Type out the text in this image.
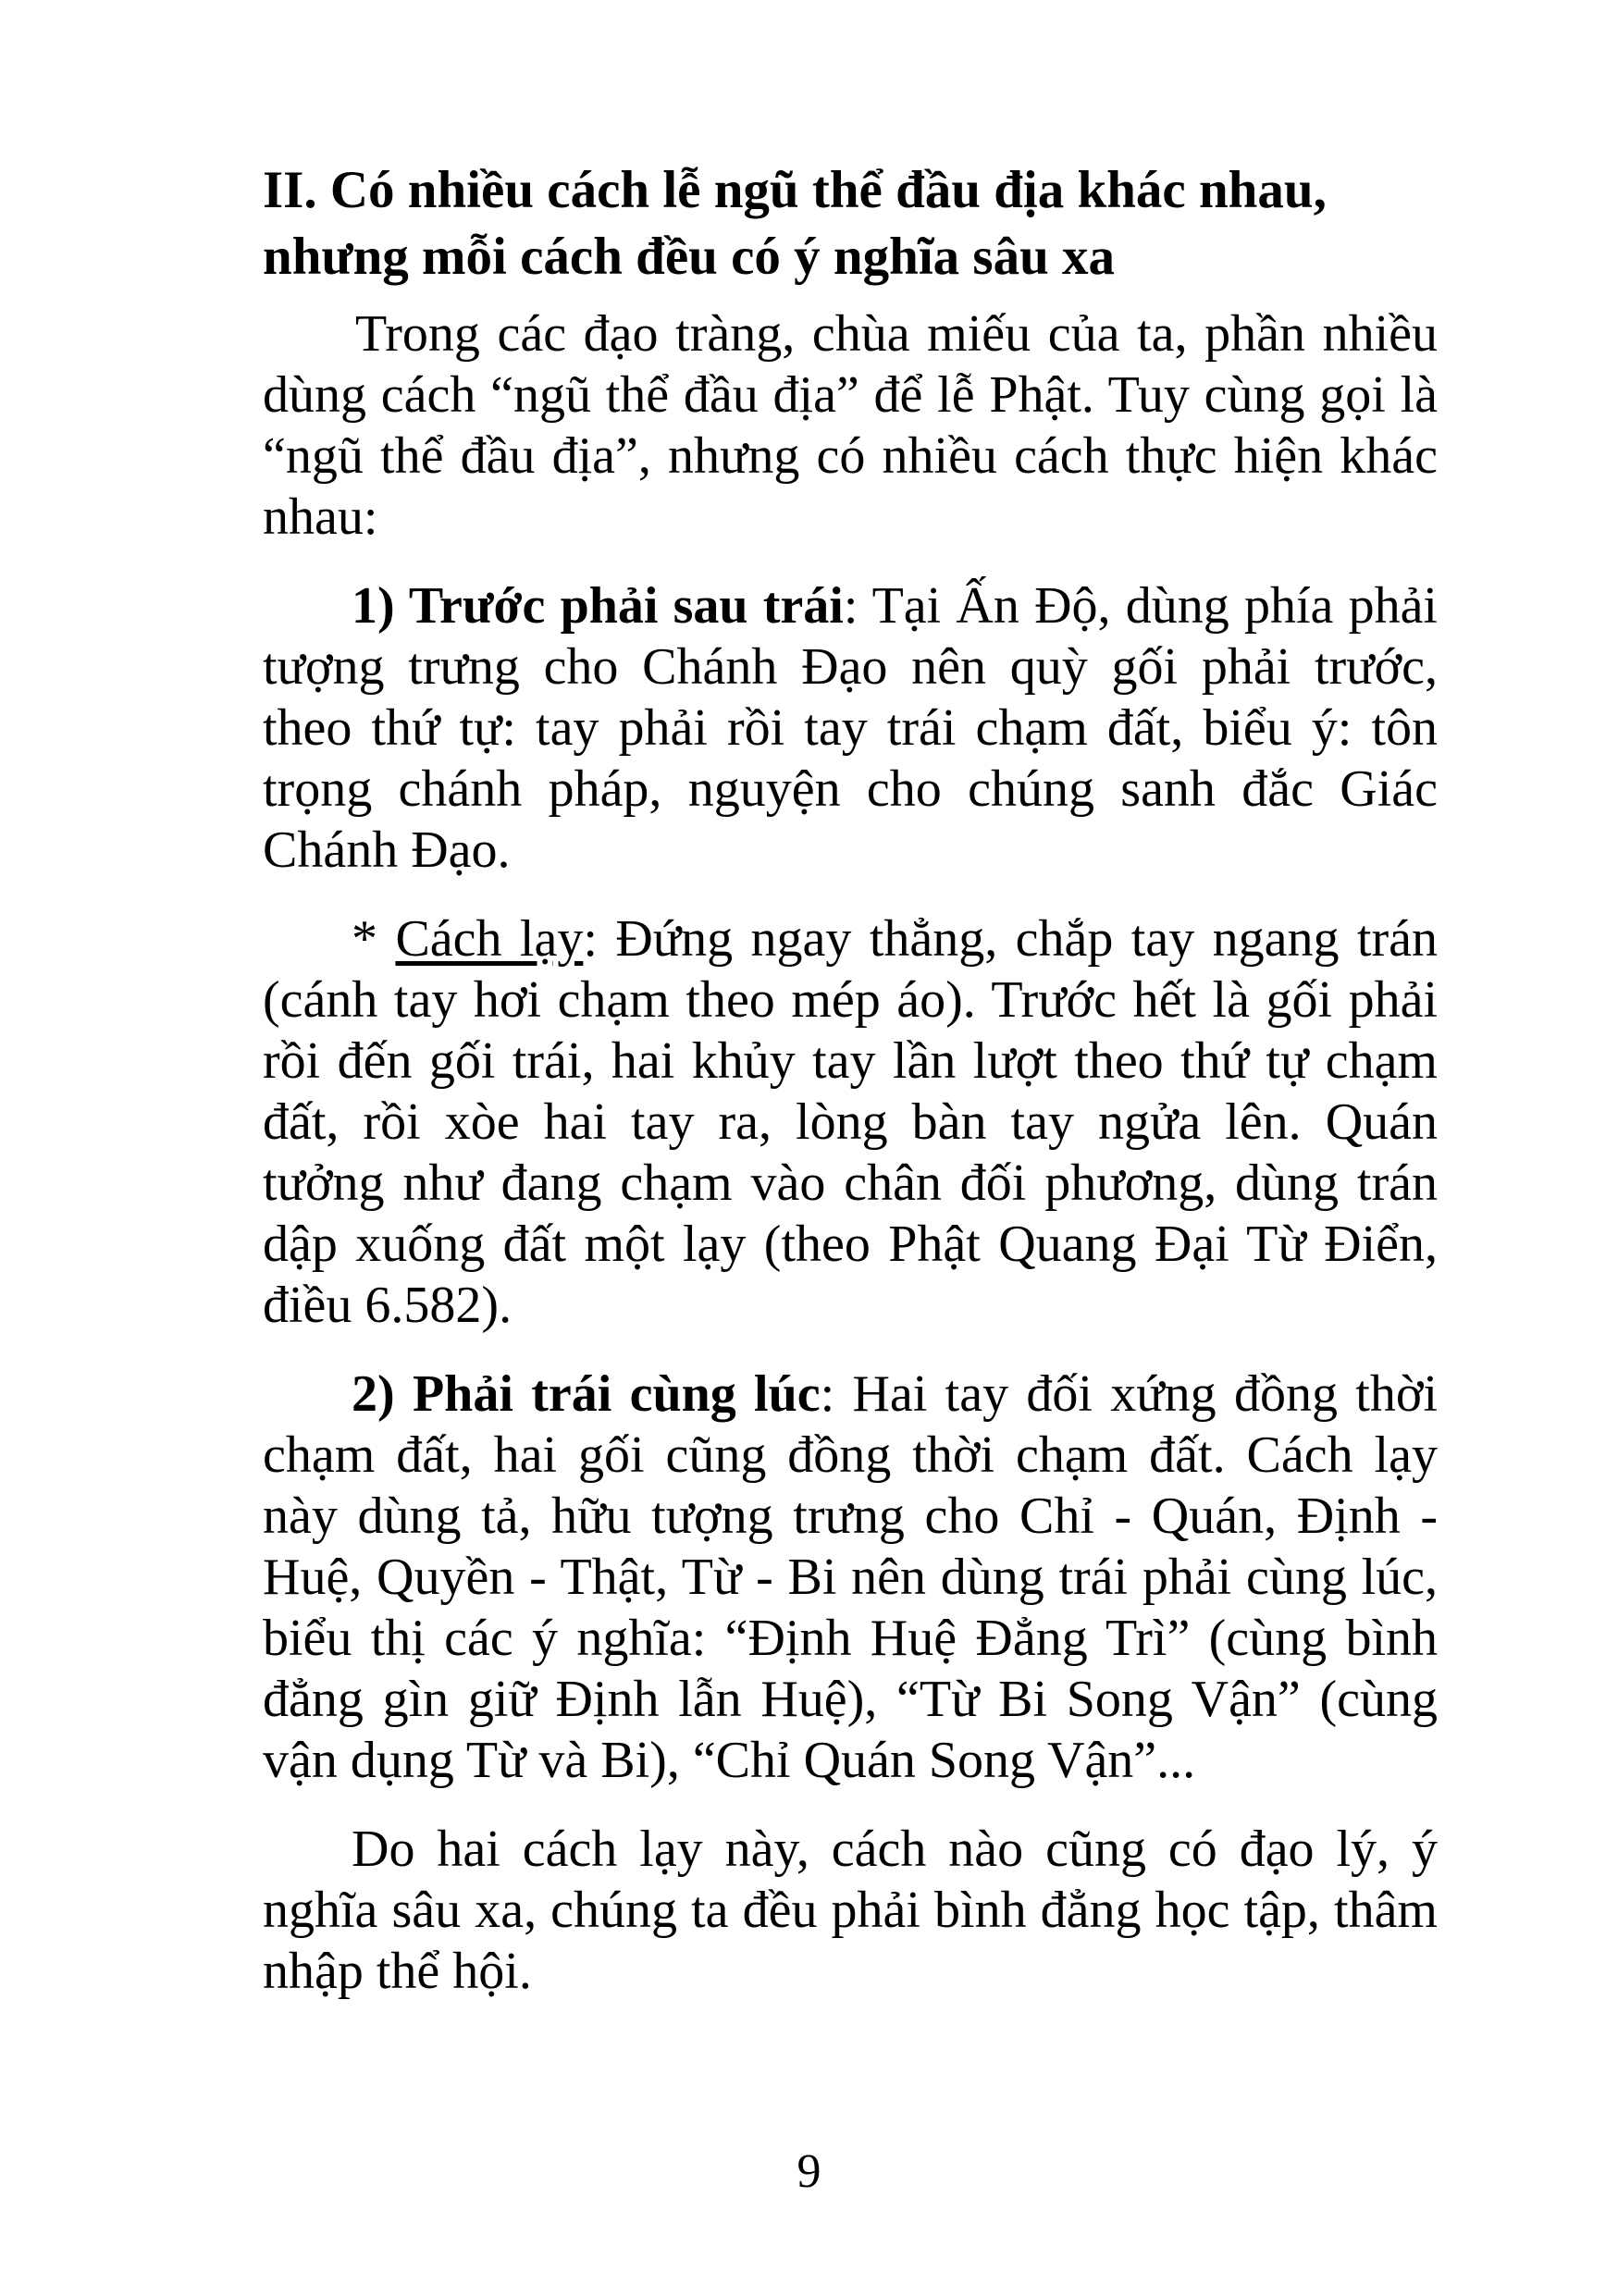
II. Có nhiều cách lễ ngũ thể đầu địa khác nhau,
nhưng mỗi cách đều có ý nghĩa sâu xa

Trong các đạo tràng, chùa miếu của ta, phần nhiều dùng cách “ngũ thể đầu địa” để lễ Phật. Tuy cùng gọi là “ngũ thể đầu địa”, nhưng có nhiều cách thực hiện khác nhau:

1) Trước phải sau trái: Tại Ấn Độ, dùng phía phải tượng trưng cho Chánh Đạo nên quỳ gối phải trước, theo thứ tự: tay phải rồi tay trái chạm đất, biểu ý: tôn trọng chánh pháp, nguyện cho chúng sanh đắc Giác Chánh Đạo.

* Cách lạy: Đứng ngay thẳng, chắp tay ngang trán (cánh tay hơi chạm theo mép áo). Trước hết là gối phải rồi đến gối trái, hai khủy tay lần lượt theo thứ tự chạm đất, rồi xòe hai tay ra, lòng bàn tay ngửa lên. Quán tưởng như đang chạm vào chân đối phương, dùng trán dập xuống đất một lạy (theo Phật Quang Đại Từ Điển, điều 6.582).

2) Phải trái cùng lúc: Hai tay đối xứng đồng thời chạm đất, hai gối cũng đồng thời chạm đất. Cách lạy này dùng tả, hữu tượng trưng cho Chỉ - Quán, Định - Huệ, Quyền - Thật, Từ - Bi nên dùng trái phải cùng lúc, biểu thị các ý nghĩa: “Định Huệ Đẳng Trì” (cùng bình đẳng gìn giữ Định lẫn Huệ), “Từ Bi Song Vận” (cùng vận dụng Từ và Bi), “Chỉ Quán Song Vận”...

Do hai cách lạy này, cách nào cũng có đạo lý, ý nghĩa sâu xa, chúng ta đều phải bình đẳng học tập, thâm nhập thể hội.

9
